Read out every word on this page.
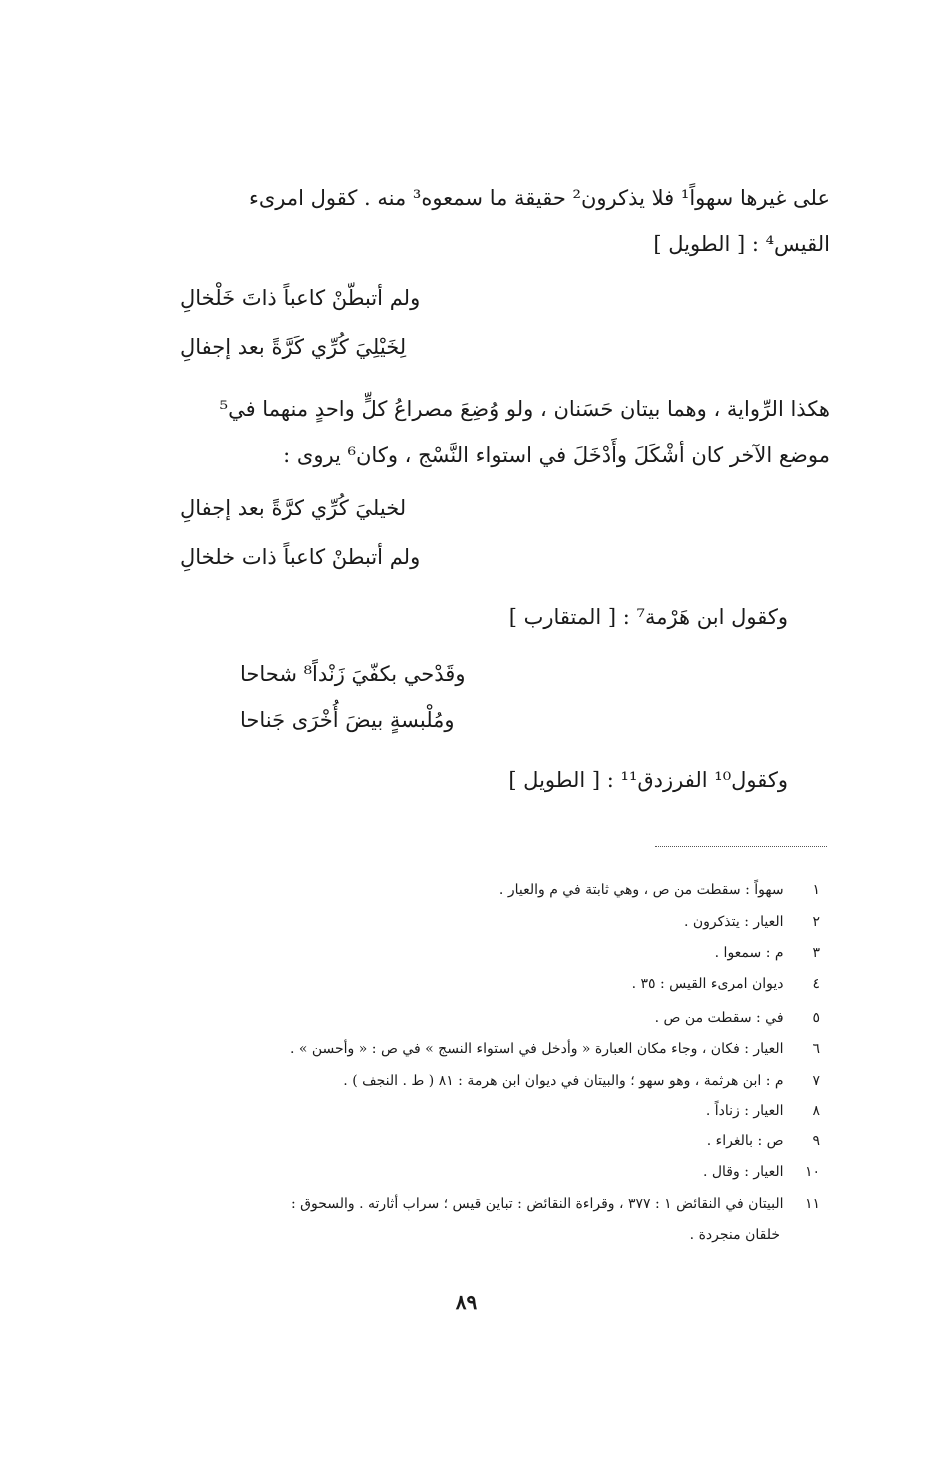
على غيرها سهواً¹ فلا يذكرون² حقيقة ما سمعوه³ منه . كقول امرىء
القيس⁴ : [ الطويل ]
ولم أتبطّنْ كاعباً ذاتَ خَلْخالِ
لِخَيْلِيَ كُرِّي كَرَّةً بعد إجفالِ
هكذا الرِّواية ، وهما بيتان حَسَنان ، ولو وُضِعَ مصراعُ كلٍّ واحدٍ منهما في⁵
موضع الآخر كان أشْكَلَ وأَدْخَلَ في استواء النَّسْج ، وكان⁶ يروى :
لخيليَ كُرِّي كرَّةً بعد إجفالِ
ولم أتبطنْ كاعباً ذات خلخالِ
وكقول ابن هَرْمة⁷ : [ المتقارب ]
وقَدْحي بكفّيَ زَنْداً⁸ شحاحا
ومُلْبسةٍ بيضَ أُخْرَى جَناحا
وكقول¹⁰ الفرزدق¹¹ : [ الطويل ]
١ سهواً : سقطت من ص ، وهي ثابتة في م والعيار .
٢ العيار : يتذكرون .
٣ م : سمعوا .
٤ ديوان امرىء القيس : ٣٥ .
٥ في : سقطت من ص .
٦ العيار : فكان ، وجاء مكان العبارة « وأدخل في استواء النسج » في ص : « وأحسن » .
٧ م : ابن هرثمة ، وهو سهو ؛ والبيتان في ديوان ابن هرمة : ٨١ ( ط . النجف ) .
٨ العيار : زناداً .
٩ ص : بالغراء .
١٠ العيار : وقال .
١١ البيتان في النقائض ١ : ٣٧٧ ، وقراءة النقائض : تباين قيس ؛ سراب أثارته . والسحوق :
خلقان منجردة .
٨٩
